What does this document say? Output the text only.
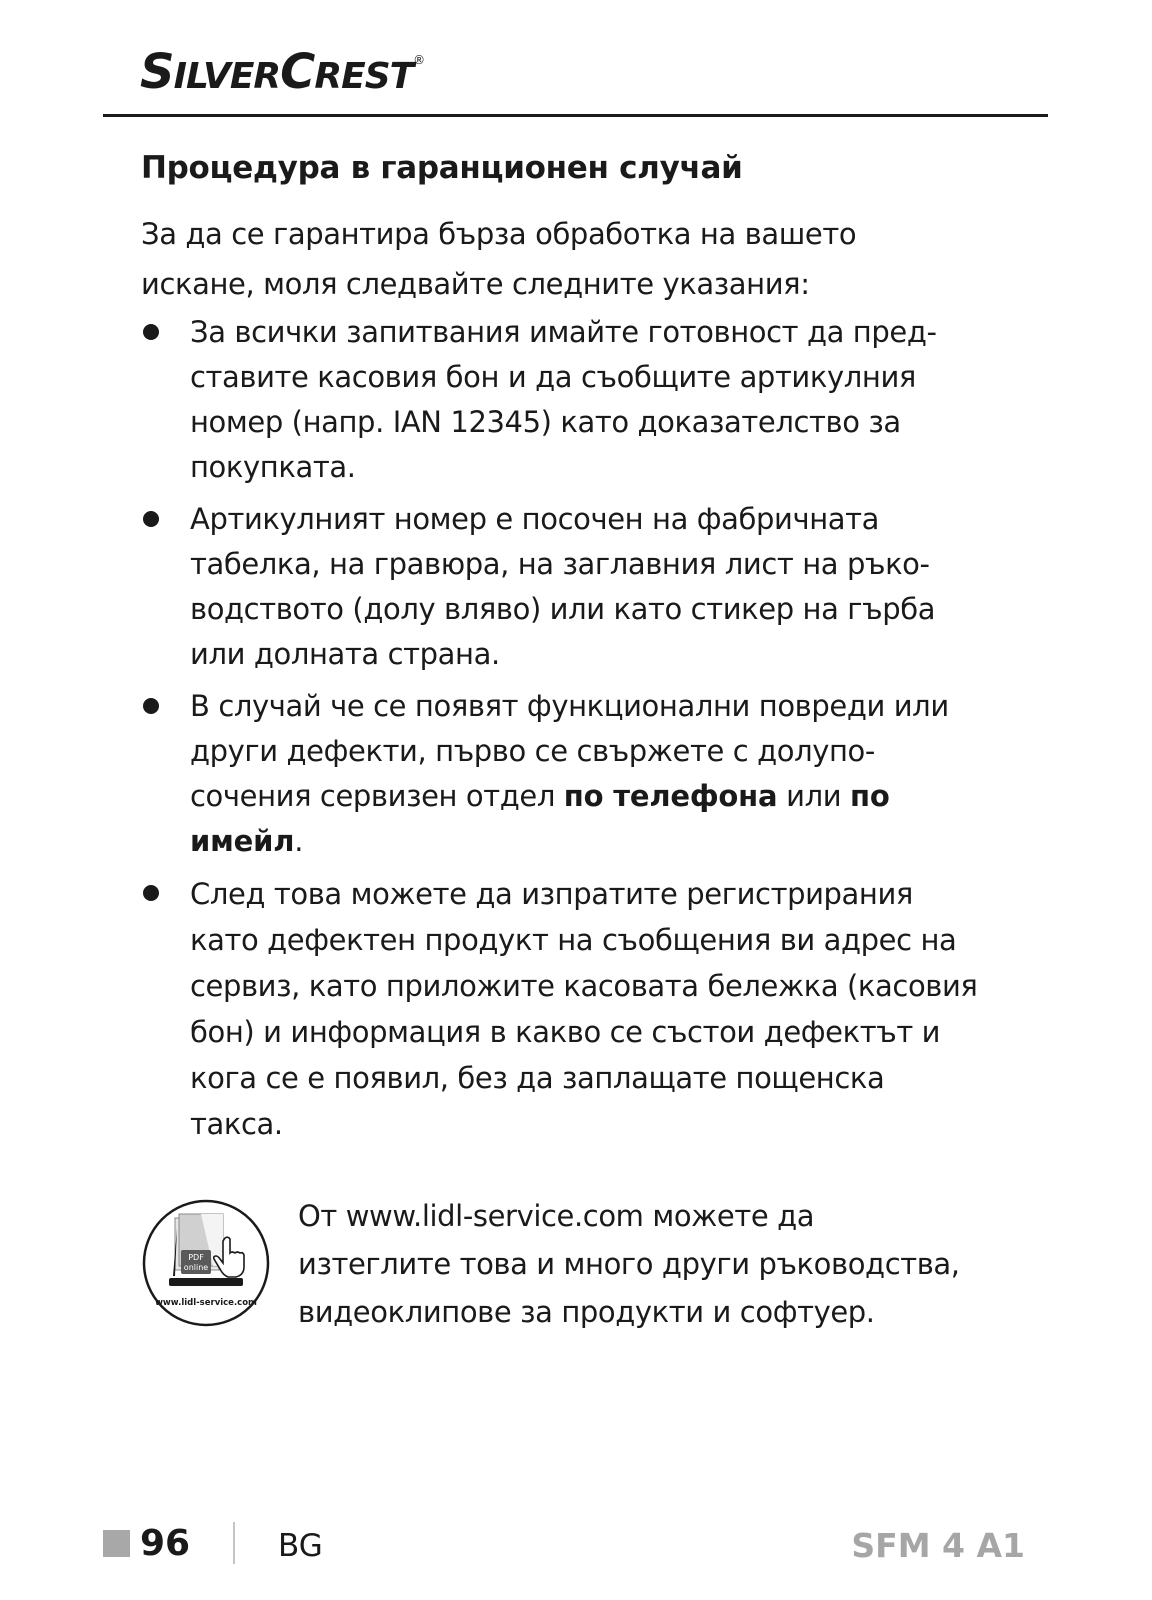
SILVERCREST®
Процедура в гаранционен случай

За да се гарантира бърза обработка на вашето
искане, моля следвайте следните указания:

За всички запитвания имайте готовност да пред-ставите касовия бон и да съобщите артикулния номер (напр. IAN 12345) като доказателство за покупката.
Артикулният номер е посочен на фабричната табелка, на гравюра, на заглавния лист на ръко-водството (долу вляво) или като стикер на гърба или долната страна.
В случай че се появят функционални повреди или други дефекти, първо се свържете с долупо-сочения сервизен отдел по телефона или по имейл.
След това можете да изпратите регистрирания като дефектен продукт на съобщения ви адрес на сервиз, като приложите касовата бележка (касовия бон) и информация в какво се състои дефектът и кога се е появил, без да заплащате пощенска такса.
PDF
online
www.lidl-service.com

От www.lidl-service.com можете да
изтеглите това и много други ръководства,
видеоклипове за продукти и софтуер.

96	BG	SFM 4 A1
